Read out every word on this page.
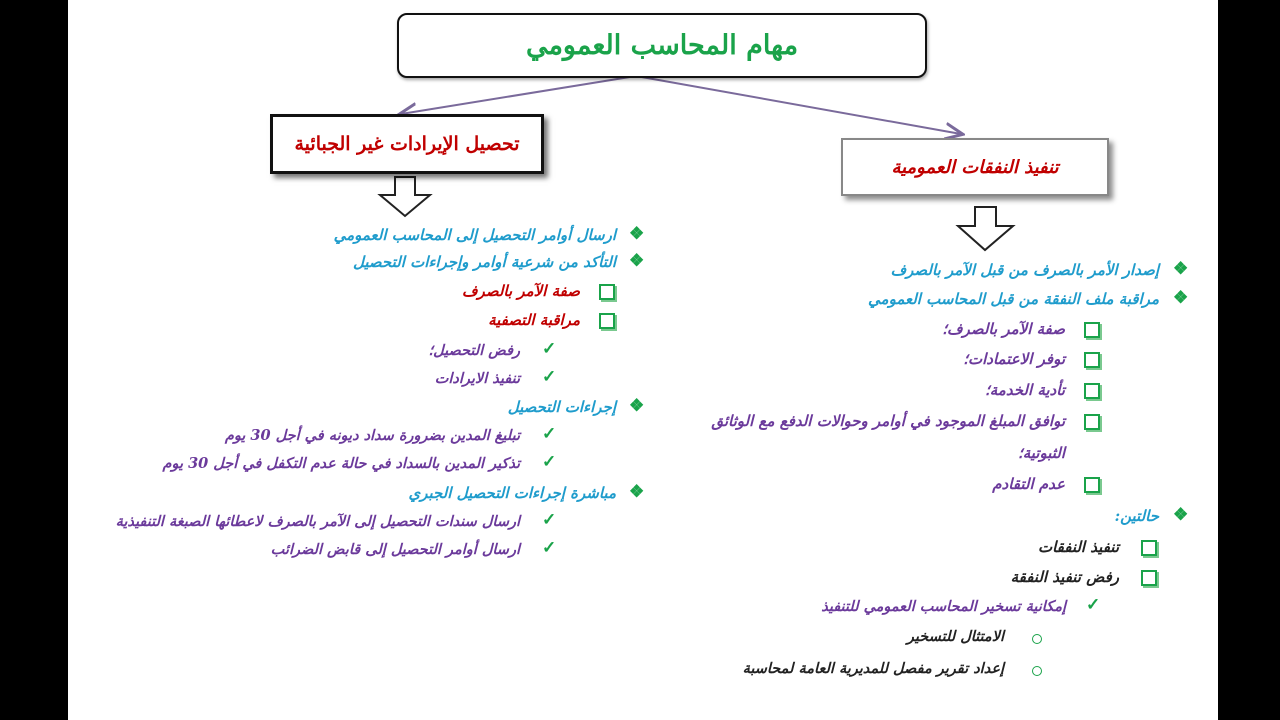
مهام المحاسب العمومي
تحصيل الإيرادات غير الجبائية
تنفيذ النفقات العمومية
❖
ارسال أوامر التحصيل إلى المحاسب العمومي
❖
التأكد من شرعية أوامر وإجراءات التحصيل
صفة الآمر بالصرف
مراقبة التصفية
✓
رفض التحصيل؛
✓
تنفيذ الايرادات
❖
إجراءات التحصيل
✓
تبليغ المدين بضرورة سداد ديونه في أجل 30 يوم
✓
تذكير المدين بالسداد في حالة عدم التكفل في أجل 30 يوم
❖
مباشرة إجراءات التحصيل الجبري
✓
ارسال سندات التحصيل إلى الآمر بالصرف لاعطائها الصبغة التنفيذية
✓
ارسال أوامر التحصيل إلى قابض الضرائب
❖
إصدار الأمر بالصرف من قبل الآمر بالصرف
❖
مراقبة ملف النفقة من قبل المحاسب العمومي
صفة الآمر بالصرف؛
توفر الاعتمادات؛
تأدية الخدمة؛
توافق المبلغ الموجود في أوامر وحوالات الدفع مع الوثائق
الثبوتية؛
عدم التقادم
❖
حالتين:
تنفيذ النفقات
رفض تنفيذ النفقة
✓
إمكانية تسخير المحاسب العمومي للتنفيذ
الامتثال للتسخير
إعداد تقرير مفصل للمديرية العامة لمحاسبة
